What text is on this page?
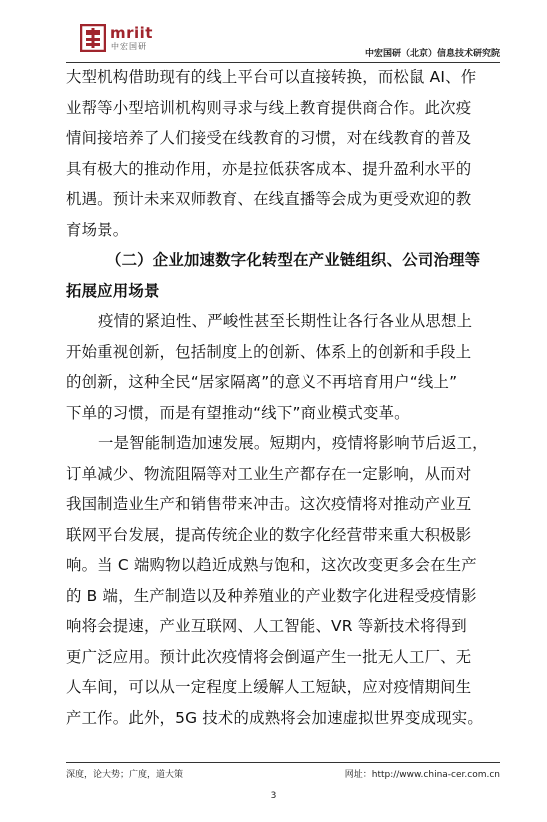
mriit
中宏国研
中宏国研（北京）信息技术研究院
大型机构借助现有的线上平台可以直接转换，而松鼠 AI、作
业帮等小型培训机构则寻求与线上教育提供商合作。此次疫
情间接培养了人们接受在线教育的习惯，对在线教育的普及
具有极大的推动作用，亦是拉低获客成本、提升盈利水平的
机遇。预计未来双师教育、在线直播等会成为更受欢迎的教
育场景。
（二）企业加速数字化转型在产业链组织、公司治理等
拓展应用场景
疫情的紧迫性、严峻性甚至长期性让各行各业从思想上
开始重视创新，包括制度上的创新、体系上的创新和手段上
的创新，这种全民“居家隔离”的意义不再培育用户“线上”
下单的习惯，而是有望推动“线下”商业模式变革。
一是智能制造加速发展。短期内，疫情将影响节后返工，
订单减少、物流阻隔等对工业生产都存在一定影响，从而对
我国制造业生产和销售带来冲击。这次疫情将对推动产业互
联网平台发展，提高传统企业的数字化经营带来重大积极影
响。当 C 端购物以趋近成熟与饱和，这次改变更多会在生产
的 B 端，生产制造以及种养殖业的产业数字化进程受疫情影
响将会提速，产业互联网、人工智能、VR 等新技术将得到
更广泛应用。预计此次疫情将会倒逼产生一批无人工厂、无
人车间，可以从一定程度上缓解人工短缺，应对疫情期间生
产工作。此外，5G 技术的成熟将会加速虚拟世界变成现实。
深度，论大势；广度，道大策	网址：http://www.china-cer.com.cn
3
